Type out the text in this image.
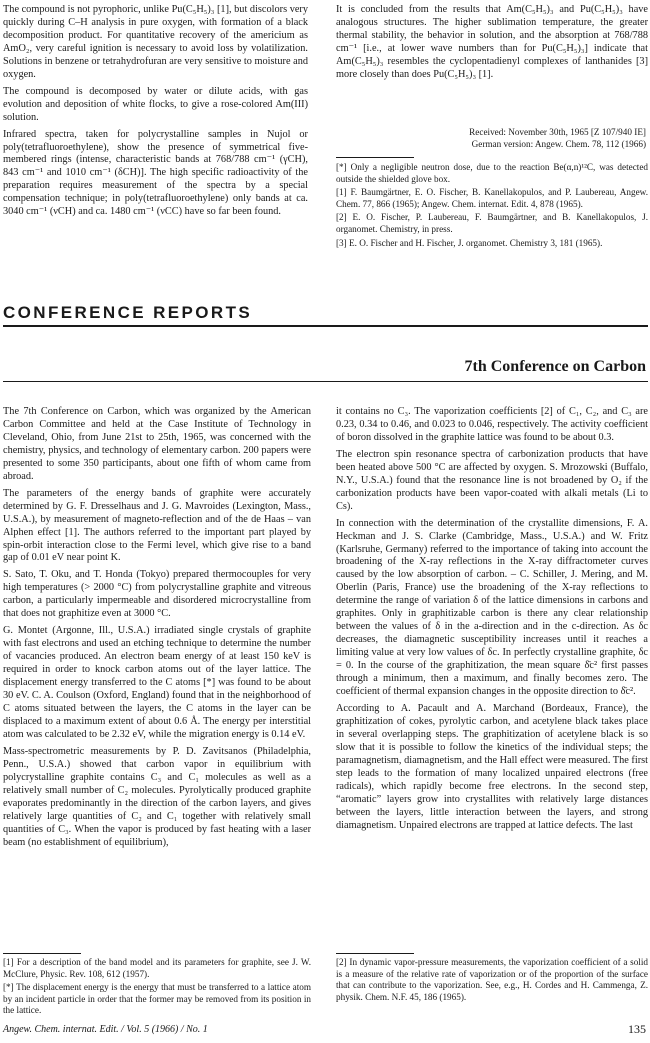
The compound is not pyrophoric, unlike Pu(C₅H₅)₃ [1], but discolors very quickly during C–H analysis in pure oxygen, with formation of a black decomposition product. For quantitative recovery of the americium as AmO₂, very careful ignition is necessary to avoid loss by volatilization. Solutions in benzene or tetrahydrofuran are very sensitive to moisture and oxygen.

The compound is decomposed by water or dilute acids, with gas evolution and deposition of white flocks, to give a rose-colored Am(III) solution.

Infrared spectra, taken for polycrystalline samples in Nujol or poly(tetrafluoroethylene), show the presence of symmetrical five-membered rings (intense, characteristic bands at 768/788 cm⁻¹ (γCH), 843 cm⁻¹ and 1010 cm⁻¹ (δCH)]. The high specific radioactivity of the preparation requires measurement of the spectra by a special compensation technique; in poly(tetrafluoroethylene) only bands at ca. 3040 cm⁻¹ (νCH) and ca. 1480 cm⁻¹ (νCC) have so far been found.

It is concluded from the results that Am(C₅H₅)₃ and Pu(C₅H₅)₃ have analogous structures. The higher sublimation temperature, the greater thermal stability, the behavior in solution, and the absorption at 768/788 cm⁻¹ [i.e., at lower wave numbers than for Pu(C₅H₅)₃] indicate that Am(C₅H₅)₃ resembles the cyclopentadienyl complexes of lanthanides [3] more closely than does Pu(C₅H₅)₃ [1].

Received: November 30th, 1965 [Z 107/940 IE]
German version: Angew. Chem. 78, 112 (1966)

[*] Only a negligible neutron dose, due to the reaction Be(α,n)¹²C, was detected outside the shielded glove box.

[1] F. Baumgärtner, E. O. Fischer, B. Kanellakopulos, and P. Laubereau, Angew. Chem. 77, 866 (1965); Angew. Chem. internat. Edit. 4, 878 (1965).

[2] E. O. Fischer, P. Laubereau, F. Baumgärtner, and B. Kanellakopulos, J. organomet. Chemistry, in press.

[3] E. O. Fischer and H. Fischer, J. organomet. Chemistry 3, 181 (1965).

CONFERENCE REPORTS
7th Conference on Carbon

The 7th Conference on Carbon, which was organized by the American Carbon Committee and held at the Case Institute of Technology in Cleveland, Ohio, from June 21st to 25th, 1965, was concerned with the chemistry, physics, and technology of elementary carbon. 200 papers were presented to some 350 participants, about one fifth of whom came from abroad.

The parameters of the energy bands of graphite were accurately determined by G. F. Dresselhaus and J. G. Mavroides (Lexington, Mass., U.S.A.), by measurement of magneto-reflection and of the de Haas – van Alphen effect [1]. The authors referred to the important part played by spin-orbit interaction close to the Fermi level, which give rise to a band gap of 0.01 eV near point K.

S. Sato, T. Oku, and T. Honda (Tokyo) prepared thermocouples for very high temperatures (> 2000 °C) from polycrystalline graphite and vitreous carbon, a particularly impermeable and disordered microcrystalline from that does not graphitize even at 3000 °C.

G. Montet (Argonne, Ill., U.S.A.) irradiated single crystals of graphite with fast electrons and used an etching technique to determine the number of vacancies produced. An electron beam energy of at least 150 keV is required in order to knock carbon atoms out of the layer lattice. The displacement energy transferred to the C atoms [*] was found to be about 30 eV. C. A. Coulson (Oxford, England) found that in the neighborhood of C atoms situated between the layers, the C atoms in the layer can be displaced to a maximum extent of about 0.6 Å. The energy per interstitial atom was calculated to be 2.32 eV, while the migration energy is 0.14 eV.

Mass-spectrometric measurements by P. D. Zavitsanos (Philadelphia, Penn., U.S.A.) showed that carbon vapor in equilibrium with polycrystalline graphite contains C₃ and C₁ molecules as well as a relatively small number of C₂ molecules. Pyrolytically produced graphite evaporates predominantly in the direction of the carbon layers, and gives relatively large quantities of C₂ and C₁ together with relatively small quantities of C₃. When the vapor is produced by fast heating with a laser beam (no establishment of equilibrium),

[1] For a description of the band model and its parameters for graphite, see J. W. McClure, Physic. Rev. 108, 612 (1957).

[*] The displacement energy is the energy that must be transferred to a lattice atom by an incident particle in order that the former may be removed from its position in the lattice.

it contains no C₃. The vaporization coefficients [2] of C₁, C₂, and C₃ are 0.23, 0.34 to 0.46, and 0.023 to 0.046, respectively. The activity coefficient of boron dissolved in the graphite lattice was found to be about 0.3.

The electron spin resonance spectra of carbonization products that have been heated above 500 °C are affected by oxygen. S. Mrozowski (Buffalo, N.Y., U.S.A.) found that the resonance line is not broadened by O₂ if the carbonization products have been vapor-coated with alkali metals (Li to Cs).

In connection with the determination of the crystallite dimensions, F. A. Heckman and J. S. Clarke (Cambridge, Mass., U.S.A.) and W. Fritz (Karlsruhe, Germany) referred to the importance of taking into account the broadening of the X-ray reflections in the X-ray diffractometer curves caused by the low absorption of carbon. – C. Schiller, J. Mering, and M. Oberlin (Paris, France) use the broadening of the X-ray reflections to determine the range of variation δ of the lattice dimensions in carbons and graphites. Only in graphitizable carbon is there any clear relationship between the values of δ in the a-direction and in the c-direction. As δc decreases, the diamagnetic susceptibility increases until it reaches a limiting value at very low values of δc. In perfectly crystalline graphite, δc = 0. In the course of the graphitization, the mean square δ̄c² first passes through a minimum, then a maximum, and finally becomes zero. The coefficient of thermal expansion changes in the opposite direction to δ̄c².

According to A. Pacault and A. Marchand (Bordeaux, France), the graphitization of cokes, pyrolytic carbon, and acetylene black takes place in several overlapping steps. The graphitization of acetylene black is so slow that it is possible to follow the kinetics of the individual steps; the paramagnetism, diamagnetism, and the Hall effect were measured. The first step leads to the formation of many localized unpaired electrons (free radicals), which rapidly become free electrons. In the second step, “aromatic” layers grow into crystallites with relatively large distances between the layers, little interaction between the layers, and strong diamagnetism. Unpaired electrons are trapped at lattice defects. The last

[2] In dynamic vapor-pressure measurements, the vaporization coefficient of a solid is a measure of the relative rate of vaporization or of the proportion of the surface that can contribute to the vaporization. See, e.g., H. Cordes and H. Cammenga, Z. physik. Chem. N.F. 45, 186 (1965).

Angew. Chem. internat. Edit. / Vol. 5 (1966) / No. 1	135
